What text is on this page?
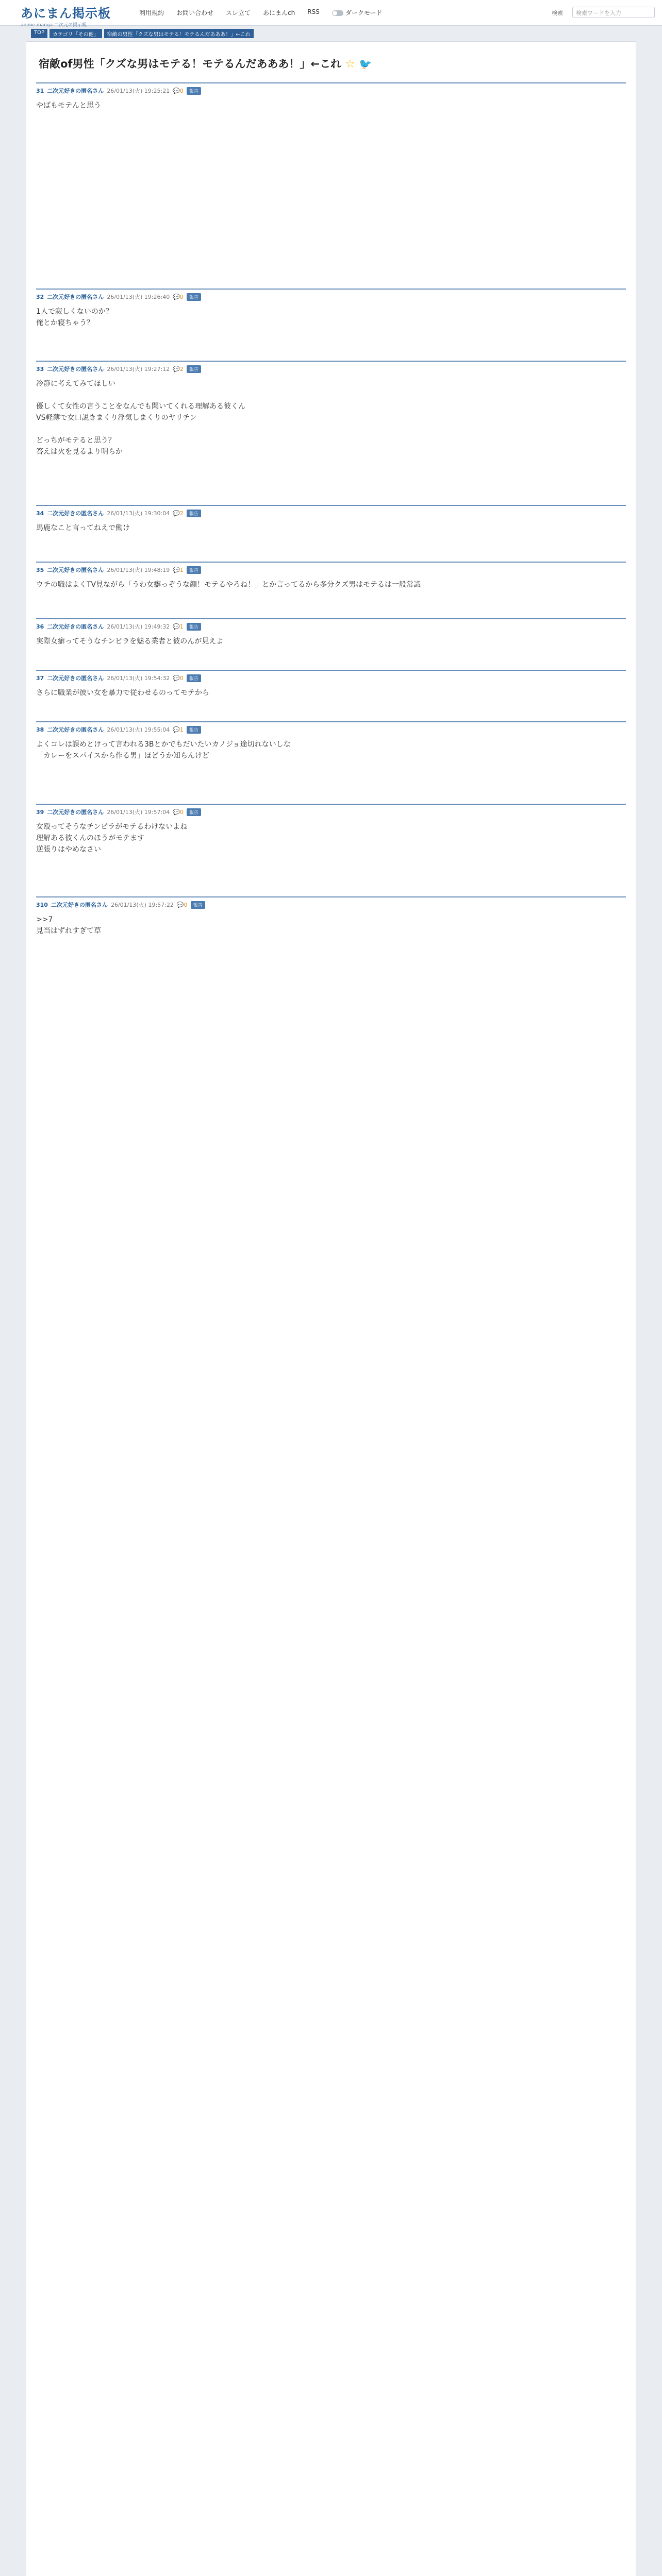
あにまん掲示板
anime manga 二次元の掲示板
利用規約 お問い合わせ スレ立て あにまんch RSS	ダークモード	検索	検索ワードを入力
TOP	カテゴリ「その他」	宿敵の男性「クズな男はモテる！モテるんだあああ！」←これ
宿敵of男性「クズな男はモテる！モテるんだあああ！」←これ ☆ 🐦
31 二次元好きの匿名さん 26/01/13(火) 19:25:21 💬0	報告
やばもモテんと思う
32 二次元好きの匿名さん 26/01/13(火) 19:26:40 💬0	報告
1人で寂しくないのか？
俺とか寝ちゃう？
33 二次元好きの匿名さん 26/01/13(火) 19:27:12 💬2	報告
冷静に考えてみてほしい

優しくて女性の言うことをなんでも聞いてくれる理解ある彼くん
VS軽薄で女口説きまくり浮気しまくりのヤリチン

どっちがモテると思う？
答えは火を見るより明らか
34 二次元好きの匿名さん 26/01/13(火) 19:30:04 💬2	報告
馬鹿なこと言ってねえで働け
35 二次元好きの匿名さん 26/01/13(火) 19:48:19 💬1	報告
ウチの職はよくTV見ながら「うわ女癖っぞうな顔！モテるやろね！」とか言ってるから多分クズ男はモテるは一般常識
36 二次元好きの匿名さん 26/01/13(火) 19:49:32 💬1	報告
実際女癖ってそうなチンピラを魅る業者と彼のんが見えよ
37 二次元好きの匿名さん 26/01/13(火) 19:54:32 💬0	報告
さらに職業が彼い女を暴力で従わせるのってモテから
38 二次元好きの匿名さん 26/01/13(火) 19:55:04 💬1	報告
よくコレは誤めとけって言われる3Bとかでもだいたいカノジョ途切れないしな
「カレーをスパイスから作る男」ほどうか知らんけど
39 二次元好きの匿名さん 26/01/13(火) 19:57:04 💬0	報告
女殴ってそうなチンピラがモテるわけないよね
理解ある彼くんのほうがモテます
逆張りはやめなさい
310 二次元好きの匿名さん 26/01/13(火) 19:57:22 💬0	報告
>>7
見当はずれすぎて草
